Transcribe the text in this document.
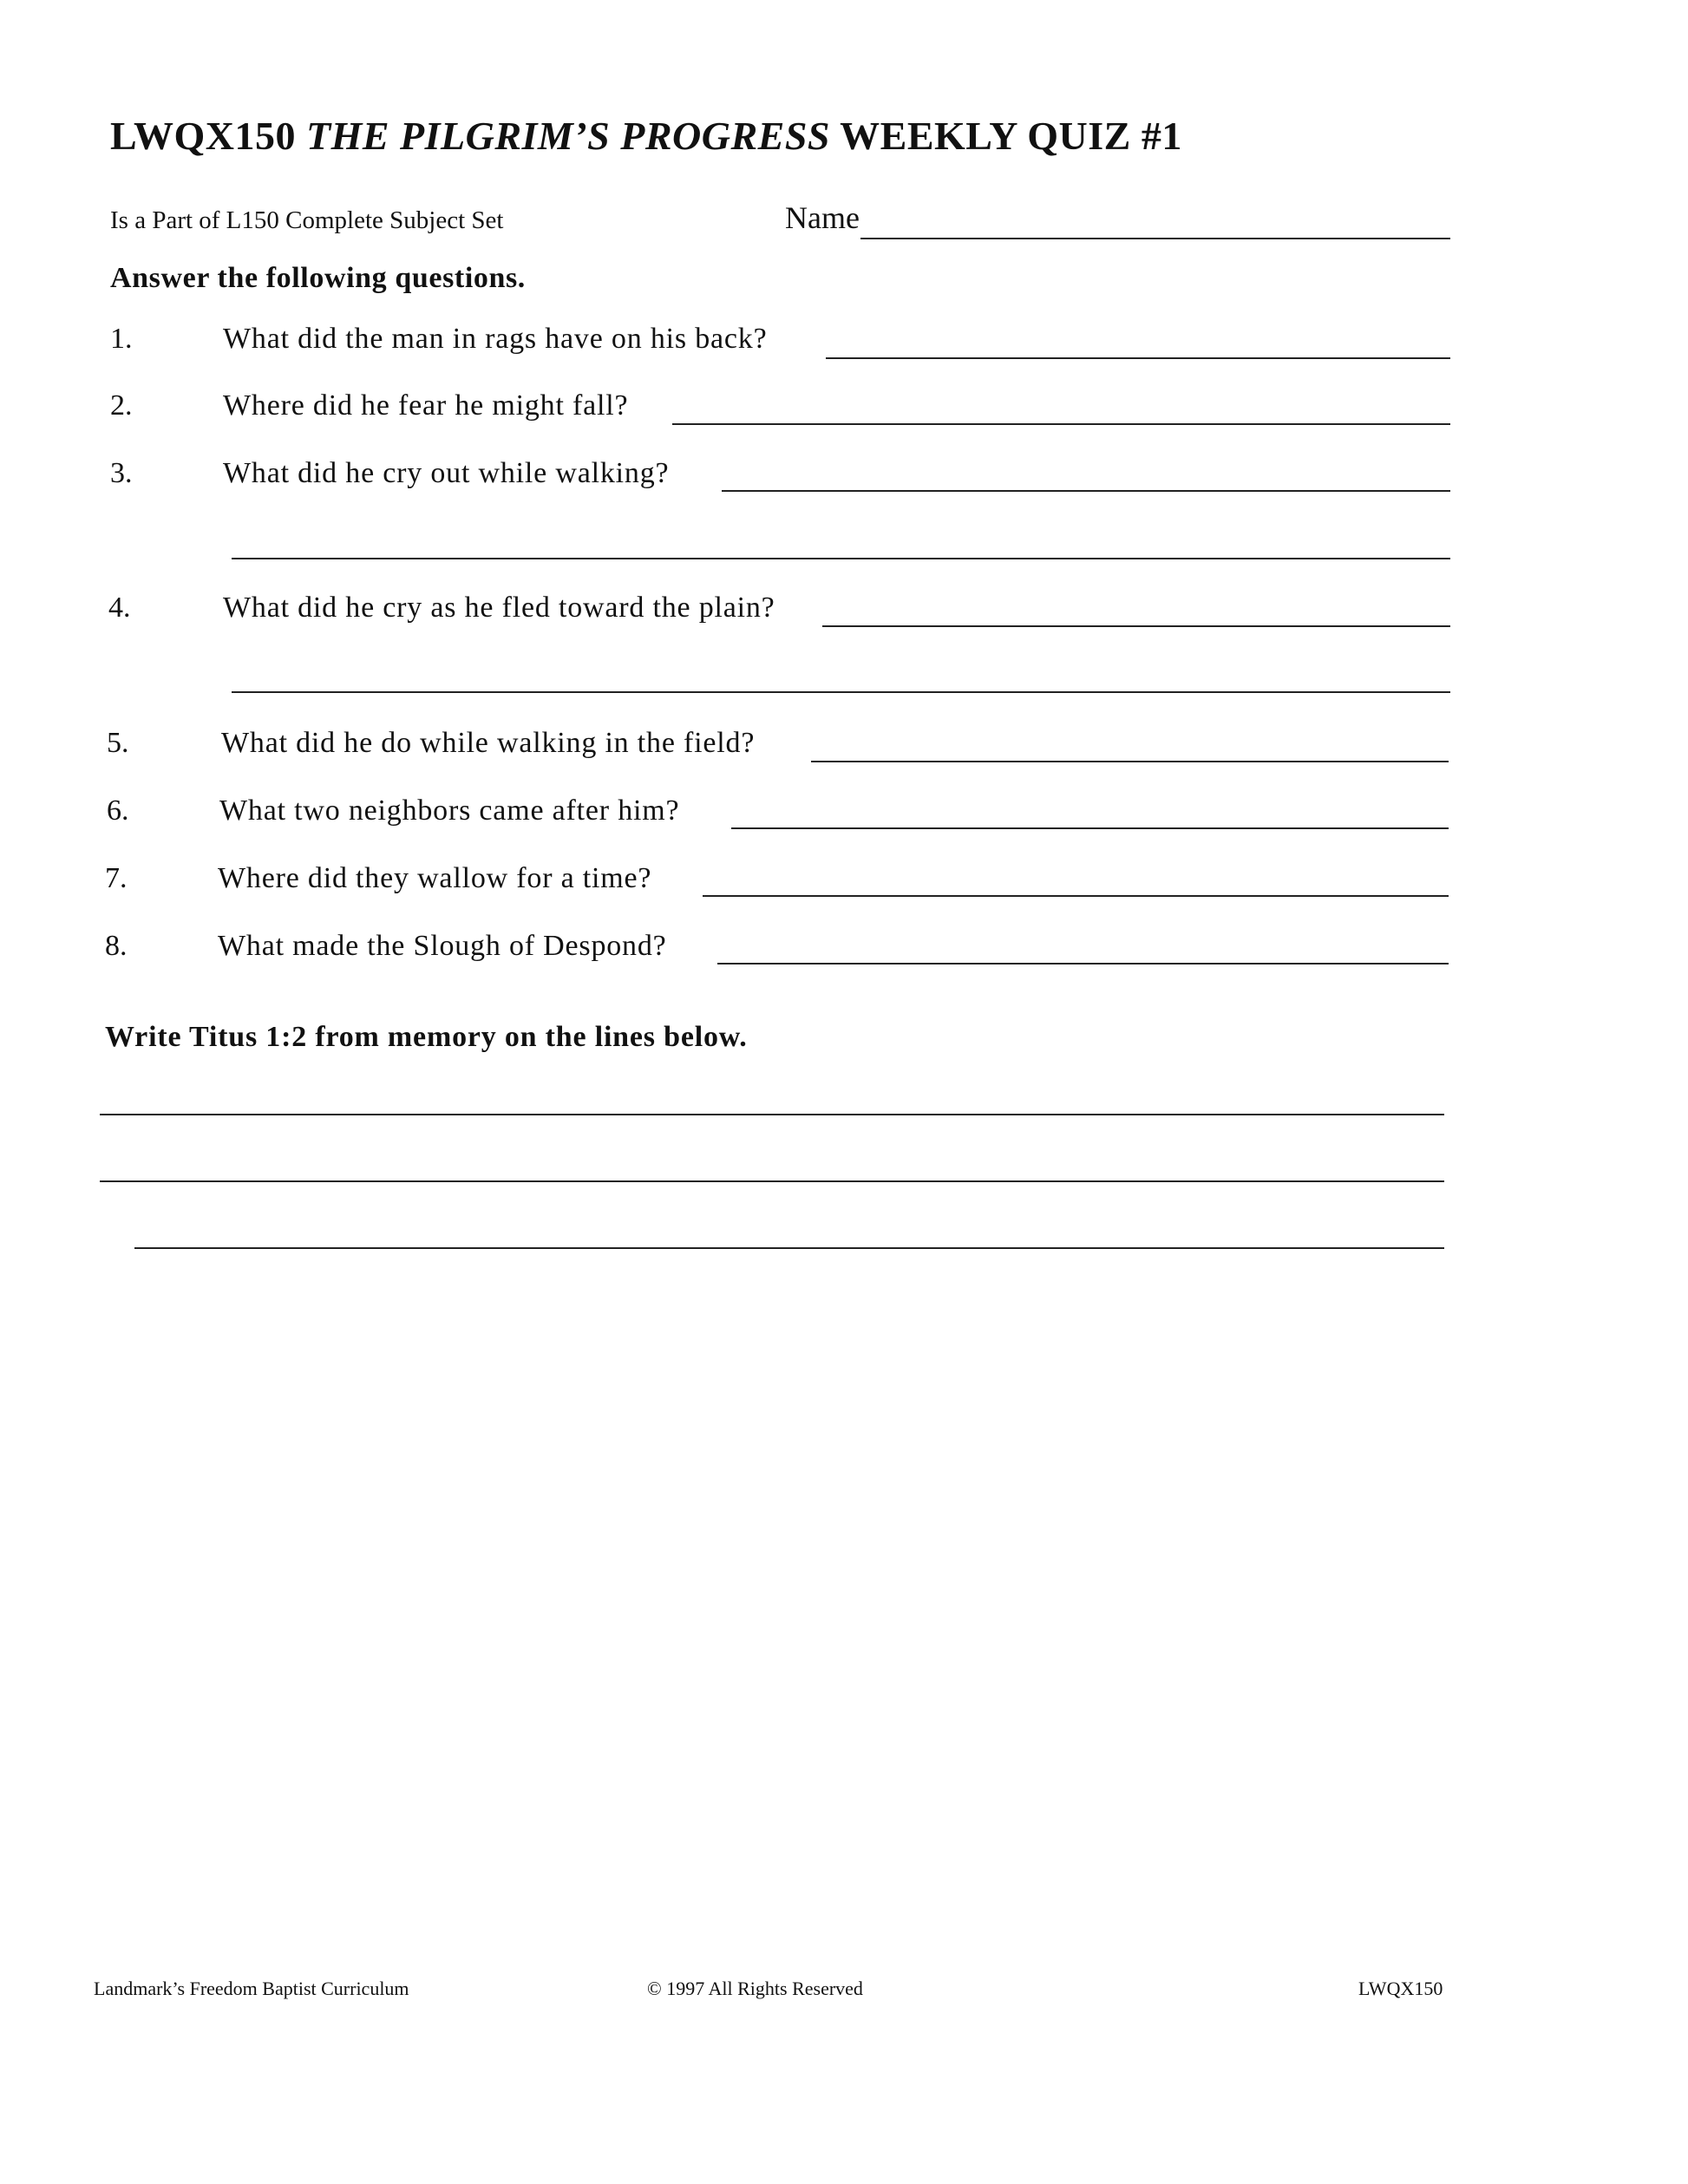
LWQX150 THE PILGRIM’S PROGRESS WEEKLY QUIZ #1
Is a Part of L150 Complete Subject Set	Name
Answer the following questions.
1.	What did the man in rags have on his back?
2.	Where did he fear he might fall?
3.	What did he cry out while walking?
4.	What did he cry as he fled toward the plain?
5.	What did he do while walking in the field?
6.	What two neighbors came after him?
7.	Where did they wallow for a time?
8.	What made the Slough of Despond?
Write Titus 1:2 from memory on the lines below.
Landmark’s Freedom Baptist Curriculum	© 1997 All Rights Reserved	LWQX150
